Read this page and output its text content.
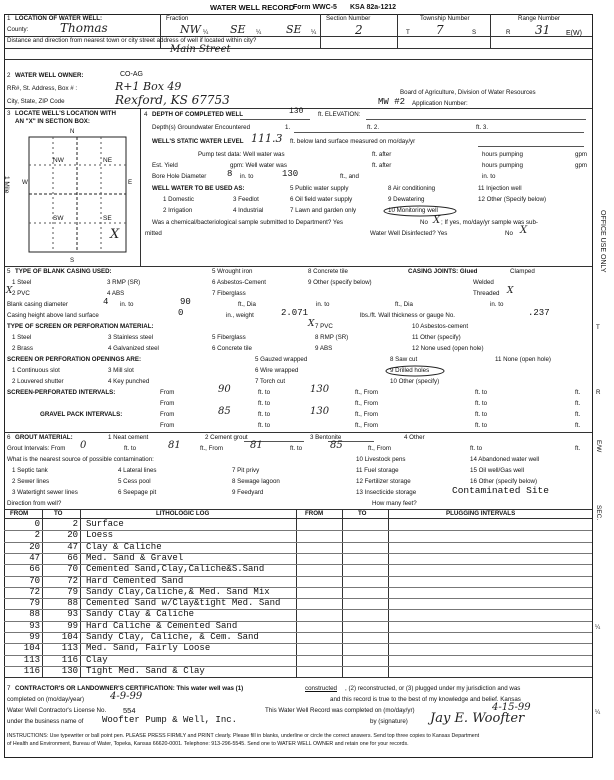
WATER WELL RECORD
Form WWC-5 KSA 82a-1212
1 LOCATION OF WATER WELL:
County:	Thomas
Fraction
NW ¼ SE ¼ SE ¼
Section Number
2
Township Number
T 7	S
Range Number
R 31 E(W)
Distance and direction from nearest town or city street address of well if located within city?
Main Street
2 WATER WELL OWNER:	CO-AG
RR#, St. Address, Box # :	R+1 Box 49
City, State, ZIP Code	Rexford, KS 67753
Board of Agriculture, Division of Water Resources
MW #2 Application Number:
3 LOCATE WELL'S LOCATION WITH
AN "X" IN SECTION BOX:
N
S
W	E
1 Mile
NW	NE
SW	SE
X
4 DEPTH OF COMPLETED WELL	130 ft. ELEVATION:
Depth(s) Groundwater Encountered	1.	ft. 2.	ft. 3.
WELL'S STATIC WATER LEVEL 111.3 ft. below land surface measured on mo/day/yr
Pump test data: Well water was	ft. after	hours pumping	gpm
Est. Yield	gpm: Well water was	ft. after	hours pumping	gpm
Bore Hole Diameter 8 in. to	130	ft., and	in. to
WELL WATER TO BE USED AS:	5 Public water supply	8 Air conditioning	11 Injection well
1 Domestic	3 Feedlot	6 Oil field water supply	9 Dewatering	12 Other (Specify below)
2 Irrigation	4 Industrial	7 Lawn and garden only	10 Monitoring well
Was a chemical/bacteriological sample submitted to Department? Yes	No X ; If yes, mo/day/yr sample was sub-
mitted	Water Well Disinfected? Yes	No X
5 TYPE OF BLANK CASING USED:	5 Wrought iron	8 Concrete tile	CASING JOINTS: Glued	Clamped
1 Steel	3 RMP (SR)	6 Asbestos-Cement	9 Other (specify below)	Welded
2 PVC
X	4 ABS	7 Fiberglass	Threaded X
Blank casing diameter	4 in. to	90	ft., Dia	in. to	ft., Dia	in. to
Casing height above land surface	0	in., weight	2.071	lbs./ft. Wall thickness or gauge No.	.237
TYPE OF SCREEN OR PERFORATION MATERIAL:	7 PVC
X	10 Asbestos-cement
1 Steel	3 Stainless steel	5 Fiberglass	8 RMP (SR)	11 Other (specify)
2 Brass	4 Galvanized steel	6 Concrete tile	9 ABS	12 None used (open hole)
SCREEN OR PERFORATION OPENINGS ARE:	5 Gauzed wrapped	8 Saw cut	11 None (open hole)
1 Continuous slot	3 Mill slot	6 Wire wrapped	9 Drilled holes
2 Louvered shutter	4 Key punched	7 Torch cut	10 Other (specify)
SCREEN-PERFORATED INTERVALS:	From	90	ft. to	130	ft., From	ft. to	ft.
From	ft. to	ft., From	ft. to	ft.
GRAVEL PACK INTERVALS:	From	85	ft. to	130	ft., From	ft. to	ft.
From	ft. to	ft., From	ft. to	ft.
6 GROUT MATERIAL:	1 Neat cement	2 Cement grout	3 Bentonite	4 Other
Grout Intervals: From 0	ft. to	81	ft., From	81	ft. to	85	ft., From	ft. to	ft.
What is the nearest source of possible contamination:	10 Livestock pens	14 Abandoned water well
1 Septic tank	4 Lateral lines	7 Pit privy	11 Fuel storage	15 Oil well/Gas well
2 Sewer lines	5 Cess pool	8 Sewage lagoon	12 Fertilizer storage	16 Other (specify below)
3 Watertight sewer lines	6 Seepage pit	9 Feedyard	13 Insecticide storage	Contaminated Site
Direction from well?	How many feet?
FROM	TO	LITHOLOGIC LOG	FROM	TO	PLUGGING INTERVALS
0	2 Surface
2	20 Loess
20	47 Clay & Caliche
47	66 Med. Sand & Gravel
66	70 Cemented Sand,Clay,Caliche&S.Sand
70	72 Hard Cemented Sand
72	79 Sandy Clay,Caliche,& Med. Sand Mix
79	88 Cemented Sand w/Clay&tight Med. Sand
88	93 Sandy Clay & Caliche
93	99 Hard Caliche & Cemented Sand
99 104 Sandy Clay, Caliche, & Cem. Sand
104 113 Med. Sand, Fairly Loose
113 116 Clay
116 130 Tight Med. Sand & Clay
7 CONTRACTOR'S OR LANDOWNER'S CERTIFICATION: This water well was (1)	constructed , (2) reconstructed, or (3) plugged under my jurisdiction and was
completed on (mo/day/year)	4-9-99	and this record is true to the best of my knowledge and belief. Kansas
Water Well Contractor's License No. 554	This Water Well Record was completed on (mo/day/yr)	4-15-99
under the business name of Woofter Pump & Well, Inc.	by (signature) Jay E. Woofter
INSTRUCTIONS: Use typewriter or ball point pen. PLEASE PRESS FIRMLY and PRINT clearly. Please fill in blanks, underline or circle the correct answers. Send top three copies to Kansas Department
of Health and Environment, Bureau of Water, Topeka, Kansas 66620-0001. Telephone: 913-296-5545. Send one to WATER WELL OWNER and retain one for your records.
OFFICE USE ONLY
T
R
E/W
SEC.
¼
¼
